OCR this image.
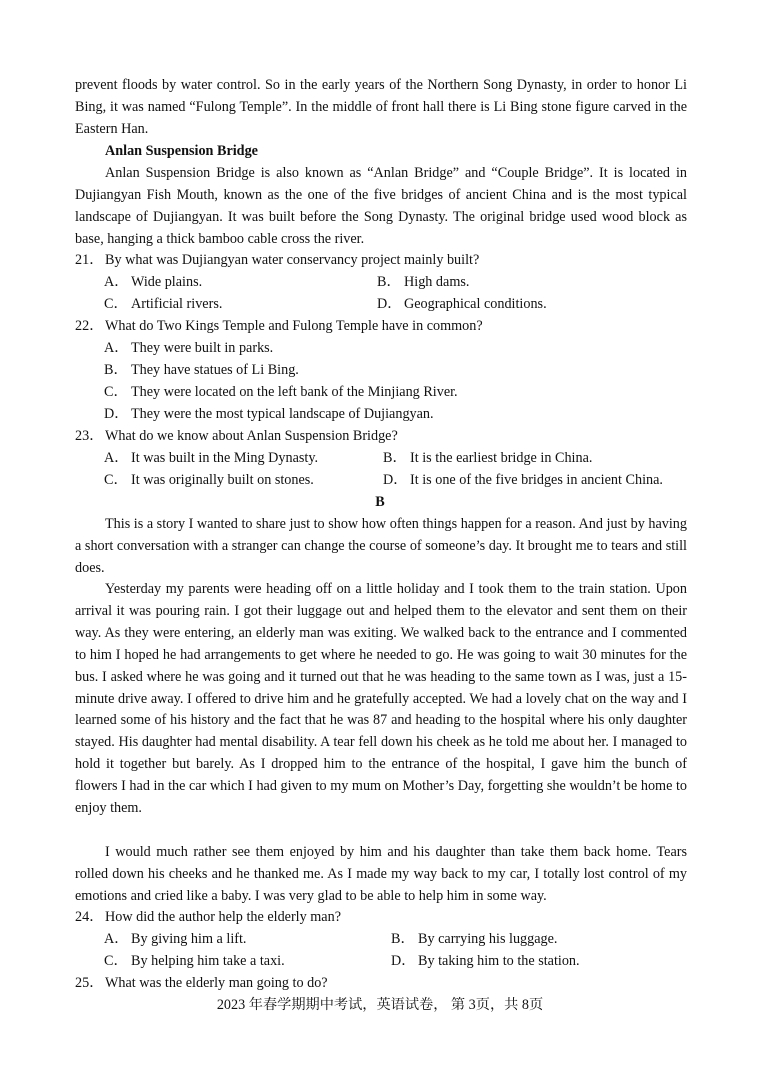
prevent floods by water control. So in the early years of the Northern Song Dynasty, in order to honor Li Bing, it was named “Fulong Temple”. In the middle of front hall there is Li Bing stone figure carved in the Eastern Han.

Anlan Suspension Bridge

Anlan Suspension Bridge is also known as “Anlan Bridge” and “Couple Bridge”. It is located in Dujiangyan Fish Mouth, known as the one of the five bridges of ancient China and is the most typical landscape of Dujiangyan. It was built before the Song Dynasty. The original bridge used wood block as base, hanging a thick bamboo cable cross the river.

21． By what was Dujiangyan water conservancy project mainly built?
A． Wide plains.	B． High dams.
C． Artificial rivers.	D． Geographical conditions.
22． What do Two Kings Temple and Fulong Temple have in common?
A． They were built in parks.
B． They have statues of Li Bing.
C． They were located on the left bank of the Minjiang River.
D． They were the most typical landscape of Dujiangyan.
23． What do we know about Anlan Suspension Bridge?
A． It was built in the Ming Dynasty.	B． It is the earliest bridge in China.
C． It was originally built on stones.	D． It is one of the five bridges in ancient China.
B

This is a story I wanted to share just to show how often things happen for a reason. And just by having a short conversation with a stranger can change the course of someone’s day. It brought me to tears and still does.

Yesterday my parents were heading off on a little holiday and I took them to the train station. Upon arrival it was pouring rain. I got their luggage out and helped them to the elevator and sent them on their way. As they were entering, an elderly man was exiting. We walked back to the entrance and I commented to him I hoped he had arrangements to get where he needed to go. He was going to wait 30 minutes for the bus. I asked where he was going and it turned out that he was heading to the same town as I was, just a 15-minute drive away. I offered to drive him and he gratefully accepted. We had a lovely chat on the way and I learned some of his history and the fact that he was 87 and heading to the hospital where his only daughter stayed. His daughter had mental disability. A tear fell down his cheek as he told me about her. I managed to hold it together but barely. As I dropped him to the entrance of the hospital, I gave him the bunch of flowers I had in the car which I had given to my mum on Mother’s Day, forgetting she wouldn’t be home to enjoy them.

I would much rather see them enjoyed by him and his daughter than take them back home. Tears rolled down his cheeks and he thanked me. As I made my way back to my car, I totally lost control of my emotions and cried like a baby. I was very glad to be able to help him in some way.

24． How did the author help the elderly man?
A． By giving him a lift.	B． By carrying his luggage.
C． By helping him take a taxi.	D． By taking him to the station.
25． What was the elderly man going to do?
2023 年春学期期中考试，英语试卷， 第 3页，共 8页
